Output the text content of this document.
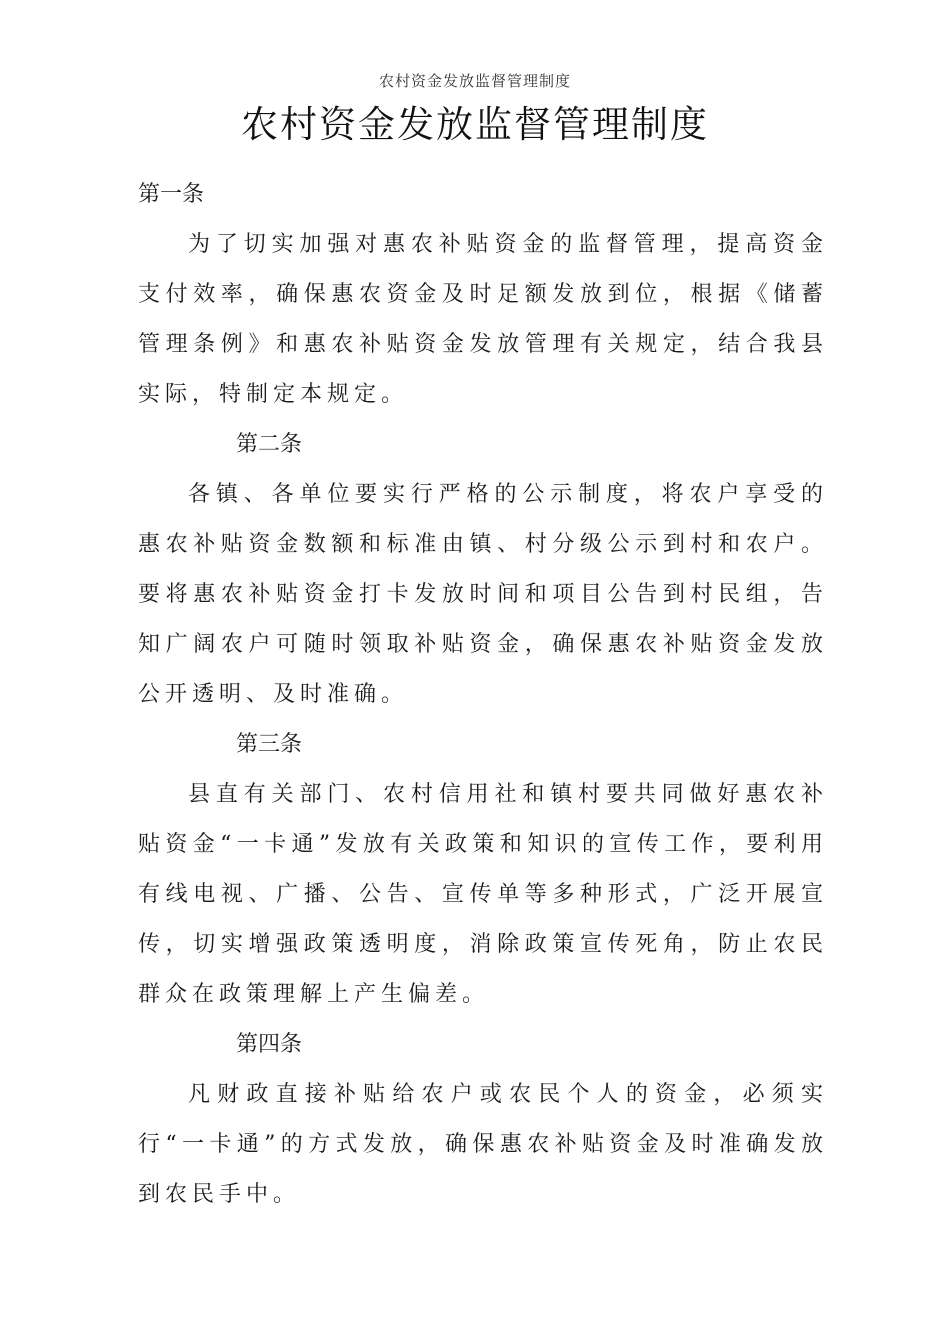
农村资金发放监督管理制度
农村资金发放监督管理制度
第一条

为了切实加强对惠农补贴资金的监督管理，提高资金支付效率，确保惠农资金及时足额发放到位，根据《储蓄管理条例》和惠农补贴资金发放管理有关规定，结合我县实际，特制定本规定。

第二条

各镇、各单位要实行严格的公示制度，将农户享受的惠农补贴资金数额和标准由镇、村分级公示到村和农户。要将惠农补贴资金打卡发放时间和项目公告到村民组，告知广阔农户可随时领取补贴资金，确保惠农补贴资金发放公开透明、及时准确。

第三条

县直有关部门、农村信用社和镇村要共同做好惠农补贴资金“一卡通”发放有关政策和知识的宣传工作，要利用有线电视、广播、公告、宣传单等多种形式，广泛开展宣传，切实增强政策透明度，消除政策宣传死角，防止农民群众在政策理解上产生偏差。

第四条

凡财政直接补贴给农户或农民个人的资金，必须实行“一卡通”的方式发放，确保惠农补贴资金及时准确发放到农民手中。
